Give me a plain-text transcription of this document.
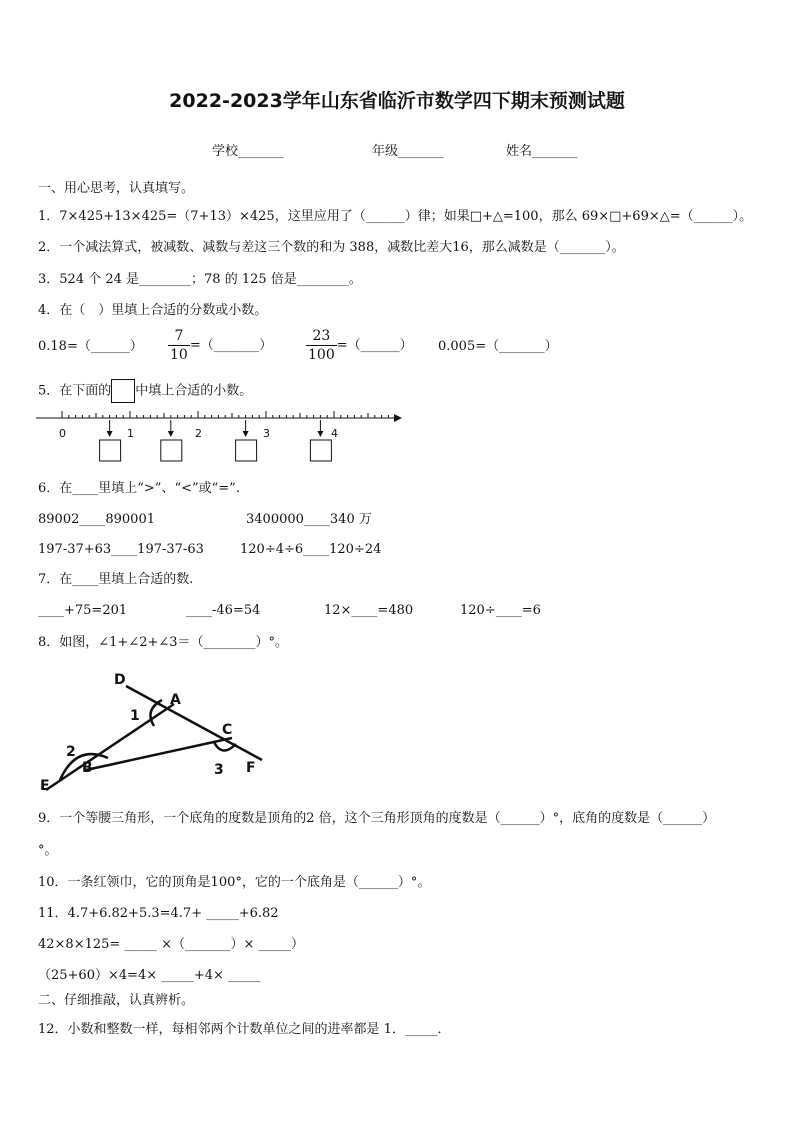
2022-2023学年山东省临沂市数学四下期末预测试题
学校_______	年级_______	姓名_______
一、用心思考，认真填写。
1．7×425+13×425=（7+13）×425，这里应用了（______）律；如果□+△=100，那么 69×□+69×△=（______）。
2．一个减法算式，被减数、减数与差这三个数的和为 388，减数比差大16，那么减数是（_______）。
3．524 个 24 是________；78 的 125 倍是________。
4．在（　）里填上合适的分数或小数。
0.18=（______） $\frac{7}{10}$ =（_______） $\frac{23}{100}$ =（______） 0.005=（_______）
5．在下面的 中填上合适的小数。
0	1	2	3	4
6．在____里填上“>”、“<”或“=”.
89002____890001	3400000____340 万
197-37+63____197-37-63	120÷4÷6____120÷24
7．在____里填上合适的数.
____+75=201	____-46=54	12×____=480	120÷____=6
8．如图，∠1+∠2+∠3＝（________）°。
D
A
1
C
2
B	3
E
F
9．一个等腰三角形，一个底角的度数是顶角的2 倍，这个三角形顶角的度数是（______）°，底角的度数是（______）
°。
10．一条红领巾，它的顶角是100°，它的一个底角是（______）°。
11．4.7+6.82+5.3=4.7+ _____+6.82
42×8×125= _____ ×（_______）× _____）
（25+60）×4=4× _____+4× _____
二、仔细推敲，认真辨析。
12．小数和整数一样，每相邻两个计数单位之间的进率都是 1．_____．
